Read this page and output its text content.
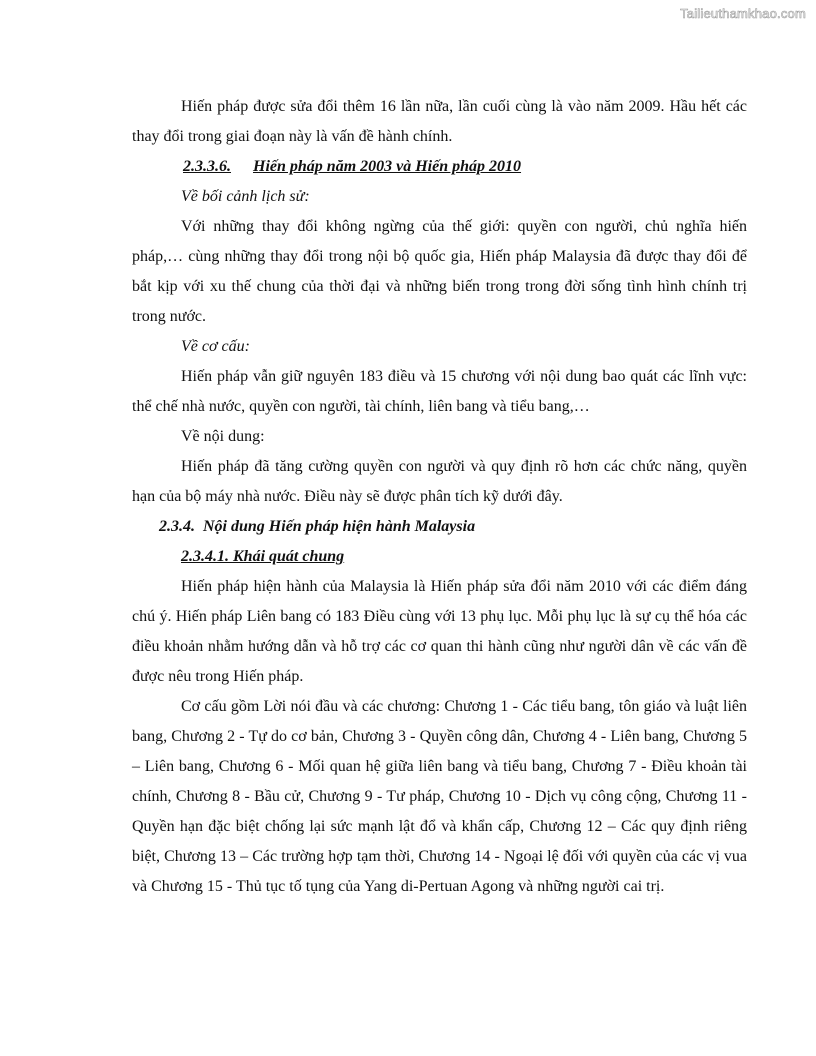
Tailieuthamkhao.com

Hiến pháp được sửa đổi thêm 16 lần nữa, lần cuối cùng là vào năm 2009. Hầu hết các thay đổi trong giai đoạn này là vấn đề hành chính.

2.3.3.6. Hiến pháp năm 2003 và Hiến pháp 2010

Về bối cảnh lịch sử:

Với những thay đổi không ngừng của thế giới: quyền con người, chủ nghĩa hiến pháp,… cùng những thay đổi trong nội bộ quốc gia, Hiến pháp Malaysia đã được thay đổi để bắt kịp với xu thế chung của thời đại và những biến trong trong đời sống tình hình chính trị trong nước.

Về cơ cấu:

Hiến pháp vẫn giữ nguyên 183 điều và 15 chương với nội dung bao quát các lĩnh vực: thể chế nhà nước, quyền con người, tài chính, liên bang và tiểu bang,…

Về nội dung:

Hiến pháp đã tăng cường quyền con người và quy định rõ hơn các chức năng, quyền hạn của bộ máy nhà nước. Điều này sẽ được phân tích kỹ dưới đây.

2.3.4. Nội dung Hiến pháp hiện hành Malaysia

2.3.4.1. Khái quát chung

Hiến pháp hiện hành của Malaysia là Hiến pháp sửa đổi năm 2010 với các điểm đáng chú ý. Hiến pháp Liên bang có 183 Điều cùng với 13 phụ lục. Mỗi phụ lục là sự cụ thể hóa các điều khoản nhằm hướng dẫn và hỗ trợ các cơ quan thi hành cũng như người dân về các vấn đề được nêu trong Hiến pháp.

Cơ cấu gồm Lời nói đầu và các chương: Chương 1 - Các tiểu bang, tôn giáo và luật liên bang, Chương 2 - Tự do cơ bản, Chương 3 - Quyền công dân, Chương 4 - Liên bang, Chương 5 – Liên bang, Chương 6 - Mối quan hệ giữa liên bang và tiểu bang, Chương 7 - Điều khoản tài chính, Chương 8 - Bầu cử, Chương 9 - Tư pháp, Chương 10 - Dịch vụ công cộng, Chương 11 - Quyền hạn đặc biệt chống lại sức mạnh lật đổ và khẩn cấp, Chương 12 – Các quy định riêng biệt, Chương 13 – Các trường hợp tạm thời, Chương 14 - Ngoại lệ đối với quyền của các vị vua và Chương 15 - Thủ tục tố tụng của Yang di-Pertuan Agong và những người cai trị.
